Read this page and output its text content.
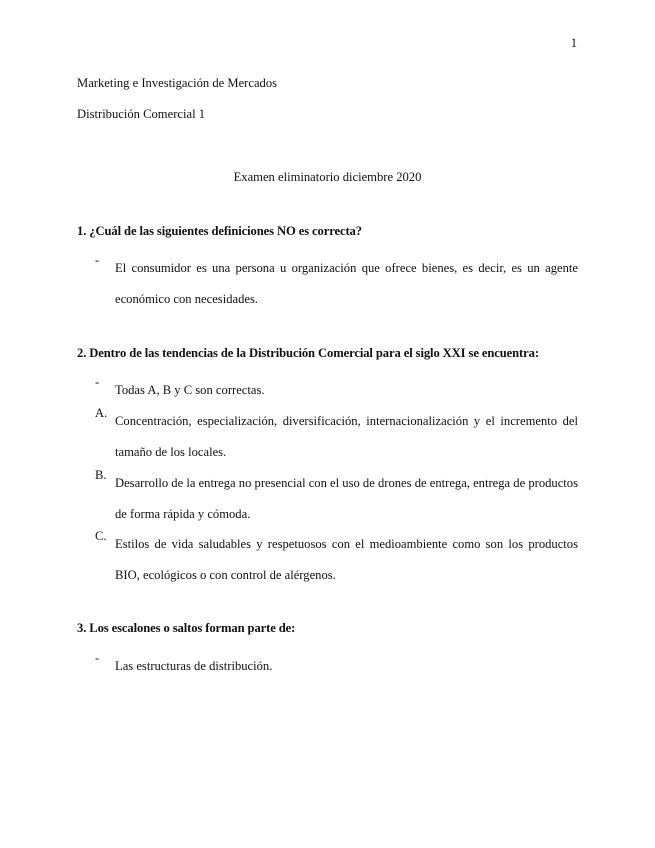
1
Marketing e Investigación de Mercados
Distribución Comercial 1
Examen eliminatorio diciembre 2020
1. ¿Cuál de las siguientes definiciones NO es correcta?
-
El consumidor es una persona u organización que ofrece bienes, es decir, es un agente económico con necesidades.
2. Dentro de las tendencias de la Distribución Comercial para el siglo XXI se encuentra:
-
Todas A, B y C son correctas.
A.
Concentración, especialización, diversificación, internacionalización y el incremento del tamaño de los locales.
B.
Desarrollo de la entrega no presencial con el uso de drones de entrega, entrega de productos de forma rápida y cómoda.
C.
Estilos de vida saludables y respetuosos con el medioambiente como son los productos BIO, ecológicos o con control de alérgenos.
3. Los escalones o saltos forman parte de:
-
Las estructuras de distribución.
